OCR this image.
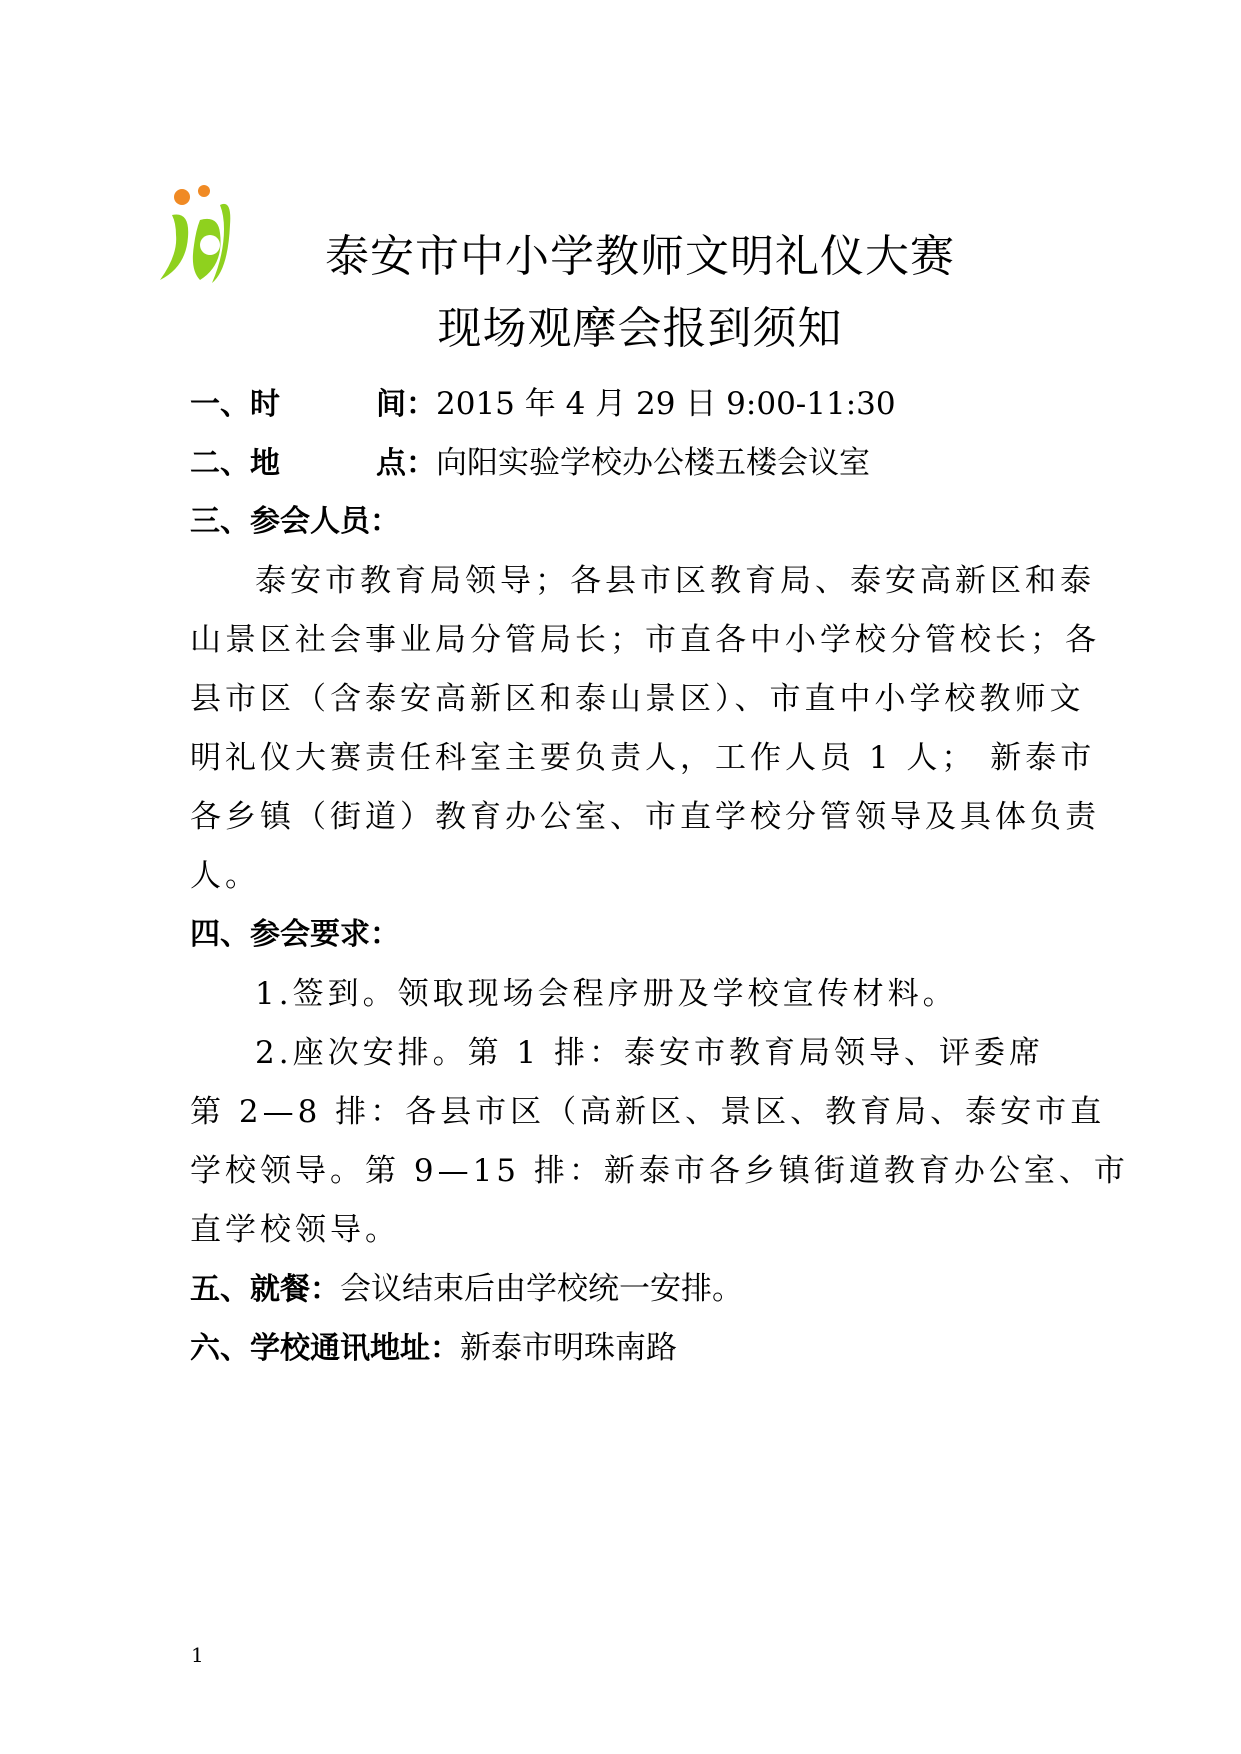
泰安市中小学教师文明礼仪大赛
现场观摩会报到须知
一、时	间：2015 年 4 月 29 日 9:00-11:30
二、地	点：向阳实验学校办公楼五楼会议室
三、参会人员：
泰安市教育局领导；各县市区教育局、泰安高新区和泰
山景区社会事业局分管局长；市直各中小学校分管校长；各
县市区（含泰安高新区和泰山景区）、市直中小学校教师文
明礼仪大赛责任科室主要负责人，工作人员 1 人； 新泰市
各乡镇（街道）教育办公室、市直学校分管领导及具体负责
人。
四、参会要求：
1.签到。领取现场会程序册及学校宣传材料。
2.座次安排。第 1 排：泰安市教育局领导、评委席
第 2—8 排：各县市区（高新区、景区、教育局、泰安市直
学校领导。第 9—15 排：新泰市各乡镇街道教育办公室、市
直学校领导。
五、就餐：会议结束后由学校统一安排。
六、学校通讯地址：新泰市明珠南路
1
